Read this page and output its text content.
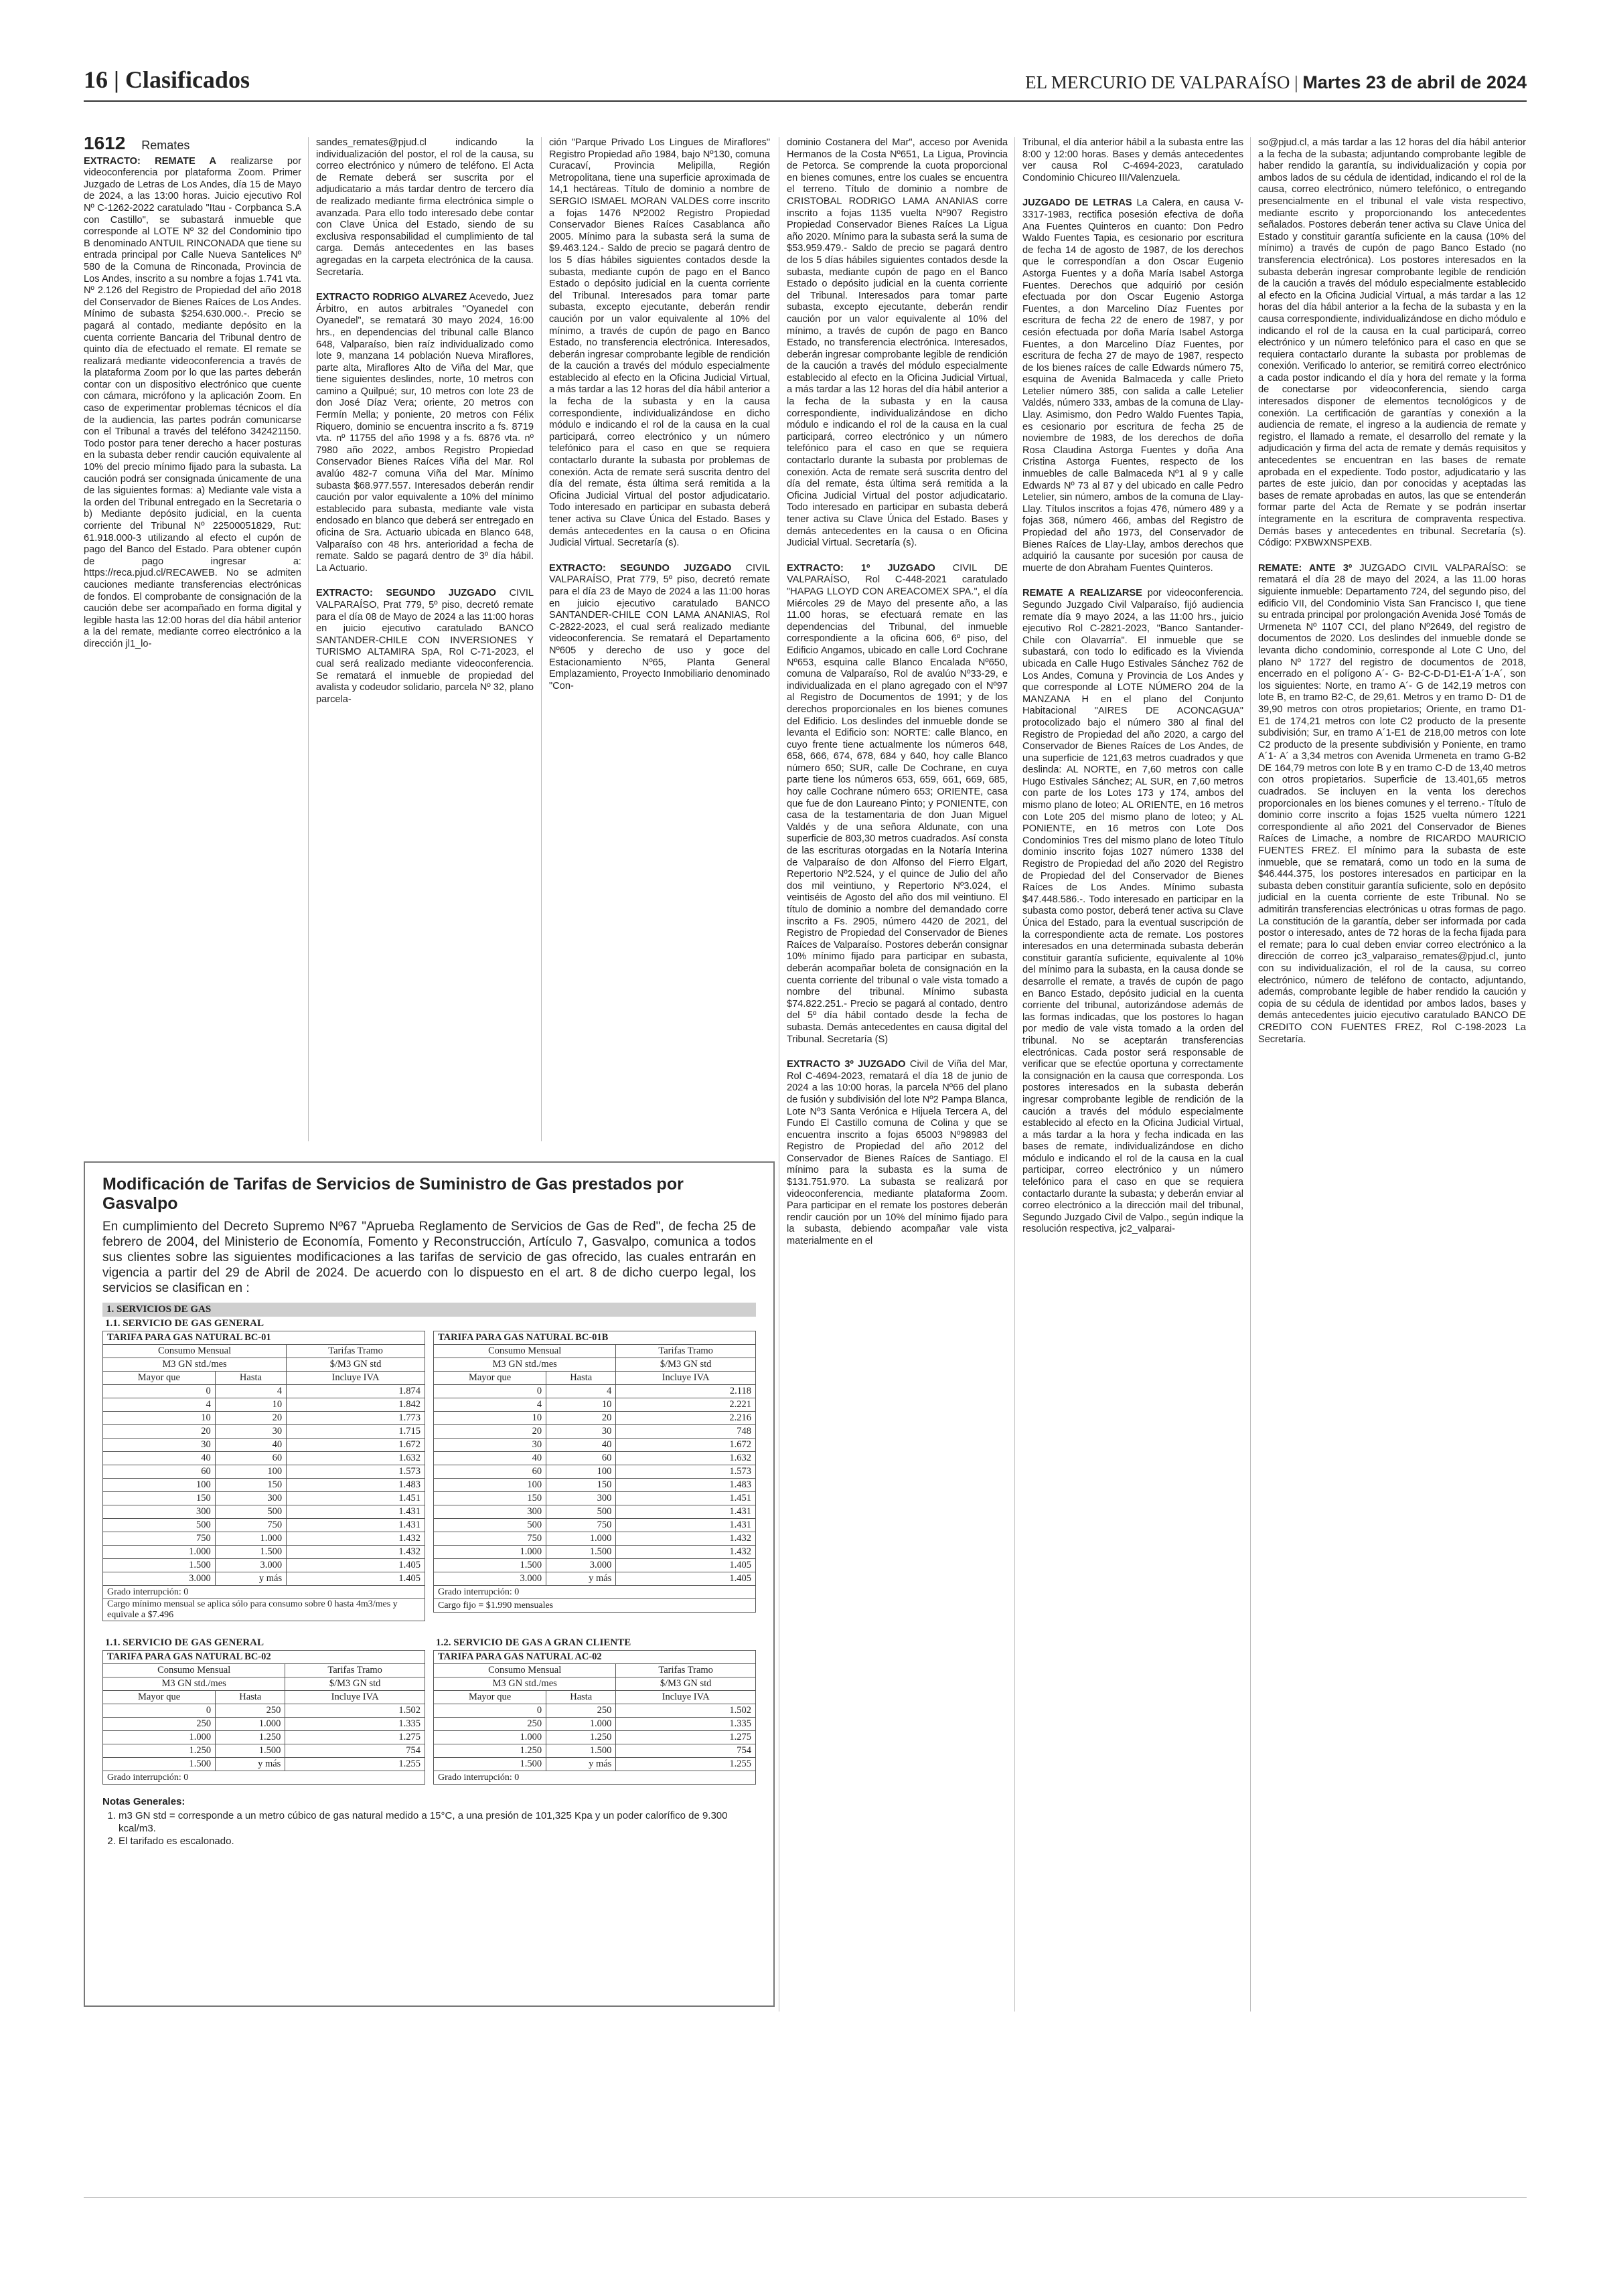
16 | Clasificados	EL MERCURIO DE VALPARAÍSO | Martes 23 de abril de 2024
1612 Remates

EXTRACTO: REMATE A realizarse por videoconferencia por plataforma Zoom. Primer Juzgado de Letras de Los Andes, día 15 de Mayo de 2024, a las 13:00 horas. Juicio ejecutivo Rol Nº C-1262-2022 caratulado "Itau - Corpbanca S.A con Castillo", se subastará inmueble que corresponde al LOTE Nº 32 del Condominio tipo B denominado ANTUIL RINCONADA que tiene su entrada principal por Calle Nueva Santelices Nº 580 de la Comuna de Rinconada, Provincia de Los Andes, inscrito a su nombre a fojas 1.741 vta. Nº 2.126 del Registro de Propiedad del año 2018 del Conservador de Bienes Raíces de Los Andes. Mínimo de subasta $254.630.000.-. Precio se pagará al contado, mediante depósito en la cuenta corriente Bancaria del Tribunal dentro de quinto día de efectuado el remate. El remate se realizará mediante videoconferencia a través de la plataforma Zoom por lo que las partes deberán contar con un dispositivo electrónico que cuente con cámara, micrófono y la aplicación Zoom. En caso de experimentar problemas técnicos el día de la audiencia, las partes podrán comunicarse con el Tribunal a través del teléfono 342421150. Todo postor para tener derecho a hacer posturas en la subasta deber rendir caución equivalente al 10% del precio mínimo fijado para la subasta. La caución podrá ser consignada únicamente de una de las siguientes formas: a) Mediante vale vista a la orden del Tribunal entregado en la Secretaria o b) Mediante depósito judicial, en la cuenta corriente del Tribunal Nº 22500051829, Rut: 61.918.000-3 utilizando al efecto el cupón de pago del Banco del Estado. Para obtener cupón de pago ingresar a: https://reca.pjud.cl/RECAWEB. No se admiten cauciones mediante transferencias electrónicas de fondos. El comprobante de consignación de la caución debe ser acompañado en forma digital y legible hasta las 12:00 horas del día hábil anterior a la del remate, mediante correo electrónico a la dirección jl1_lo-

sandes_remates@pjud.cl indicando la individualización del postor, el rol de la causa, su correo electrónico y número de teléfono. El Acta de Remate deberá ser suscrita por el adjudicatario a más tardar dentro de tercero día de realizado mediante firma electrónica simple o avanzada. Para ello todo interesado debe contar con Clave Única del Estado, siendo de su exclusiva responsabilidad el cumplimiento de tal carga. Demás antecedentes en las bases agregadas en la carpeta electrónica de la causa. Secretaría.

EXTRACTO RODRIGO ALVAREZ Acevedo, Juez Árbitro, en autos arbitrales "Oyanedel con Oyanedel", se rematará 30 mayo 2024, 16:00 hrs., en dependencias del tribunal calle Blanco 648, Valparaíso, bien raíz individualizado como lote 9, manzana 14 población Nueva Miraflores, parte alta, Miraflores Alto de Viña del Mar, que tiene siguientes deslindes, norte, 10 metros con camino a Quilpué; sur, 10 metros con lote 23 de don José Díaz Vera; oriente, 20 metros con Fermín Mella; y poniente, 20 metros con Félix Riquero, dominio se encuentra inscrito a fs. 8719 vta. nº 11755 del año 1998 y a fs. 6876 vta. nº 7980 año 2022, ambos Registro Propiedad Conservador Bienes Raíces Viña del Mar. Rol avalúo 482-7 comuna Viña del Mar. Mínimo subasta $68.977.557. Interesados deberán rendir caución por valor equivalente a 10% del mínimo establecido para subasta, mediante vale vista endosado en blanco que deberá ser entregado en oficina de Sra. Actuario ubicada en Blanco 648, Valparaíso con 48 hrs. anterioridad a fecha de remate. Saldo se pagará dentro de 3º día hábil. La Actuario.

EXTRACTO: SEGUNDO JUZGADO CIVIL VALPARAÍSO, Prat 779, 5º piso, decretó remate para el día 08 de Mayo de 2024 a las 11:00 horas en juicio ejecutivo caratulado BANCO SANTANDER-CHILE CON INVERSIONES Y TURISMO ALTAMIRA SpA, Rol C-71-2023, el cual será realizado mediante videoconferencia. Se rematará el inmueble de propiedad del avalista y codeudor solidario, parcela Nº 32, plano parcela-

ción "Parque Privado Los Lingues de Miraflores" Registro Propiedad año 1984, bajo Nº130, comuna Curacaví, Provincia Melipilla, Región Metropolitana, tiene una superficie aproximada de 14,1 hectáreas. Título de dominio a nombre de SERGIO ISMAEL MORAN VALDES corre inscrito a fojas 1476 Nº2002 Registro Propiedad Conservador Bienes Raíces Casablanca año 2005. Mínimo para la subasta será la suma de $9.463.124.- Saldo de precio se pagará dentro de los 5 días hábiles siguientes contados desde la subasta, mediante cupón de pago en el Banco Estado o depósito judicial en la cuenta corriente del Tribunal. Interesados para tomar parte subasta, excepto ejecutante, deberán rendir caución por un valor equivalente al 10% del mínimo, a través de cupón de pago en Banco Estado, no transferencia electrónica. Interesados, deberán ingresar comprobante legible de rendición de la caución a través del módulo especialmente establecido al efecto en la Oficina Judicial Virtual, a más tardar a las 12 horas del día hábil anterior a la fecha de la subasta y en la causa correspondiente, individualizándose en dicho módulo e indicando el rol de la causa en la cual participará, correo electrónico y un número telefónico para el caso en que se requiera contactarlo durante la subasta por problemas de conexión. Acta de remate será suscrita dentro del día del remate, ésta última será remitida a la Oficina Judicial Virtual del postor adjudicatario. Todo interesado en participar en subasta deberá tener activa su Clave Única del Estado. Bases y demás antecedentes en la causa o en Oficina Judicial Virtual. Secretaría (s).

EXTRACTO: SEGUNDO JUZGADO CIVIL VALPARAÍSO, Prat 779, 5º piso, decretó remate para el día 23 de Mayo de 2024 a las 11:00 horas en juicio ejecutivo caratulado BANCO SANTANDER-CHILE CON LAMA ANANIAS, Rol C-2822-2023, el cual será realizado mediante videoconferencia. Se rematará el Departamento Nº605 y derecho de uso y goce del Estacionamiento Nº65, Planta General Emplazamiento, Proyecto Inmobiliario denominado "Con-

dominio Costanera del Mar", acceso por Avenida Hermanos de la Costa Nº651, La Ligua, Provincia de Petorca. Se comprende la cuota proporcional en bienes comunes, entre los cuales se encuentra el terreno. Título de dominio a nombre de CRISTOBAL RODRIGO LAMA ANANIAS corre inscrito a fojas 1135 vuelta Nº907 Registro Propiedad Conservador Bienes Raíces La Ligua año 2020. Mínimo para la subasta será la suma de $53.959.479.- Saldo de precio se pagará dentro de los 5 días hábiles siguientes contados desde la subasta, mediante cupón de pago en el Banco Estado o depósito judicial en la cuenta corriente del Tribunal. Interesados para tomar parte subasta, excepto ejecutante, deberán rendir caución por un valor equivalente al 10% del mínimo, a través de cupón de pago en Banco Estado, no transferencia electrónica. Interesados, deberán ingresar comprobante legible de rendición de la caución a través del módulo especialmente establecido al efecto en la Oficina Judicial Virtual, a más tardar a las 12 horas del día hábil anterior a la fecha de la subasta y en la causa correspondiente, individualizándose en dicho módulo e indicando el rol de la causa en la cual participará, correo electrónico y un número telefónico para el caso en que se requiera contactarlo durante la subasta por problemas de conexión. Acta de remate será suscrita dentro del día del remate, ésta última será remitida a la Oficina Judicial Virtual del postor adjudicatario. Todo interesado en participar en subasta deberá tener activa su Clave Única del Estado. Bases y demás antecedentes en la causa o en Oficina Judicial Virtual. Secretaría (s).

EXTRACTO: 1º JUZGADO CIVIL DE VALPARAÍSO, Rol C-448-2021 caratulado "HAPAG LLOYD CON AREACOMEX SPA.", el día Miércoles 29 de Mayo del presente año, a las 11.00 horas, se efectuará remate en las dependencias del Tribunal, del inmueble correspondiente a la oficina 606, 6º piso, del Edificio Angamos, ubicado en calle Lord Cochrane Nº653, esquina calle Blanco Encalada Nº650, comuna de Valparaíso, Rol de avalúo Nº33-29, e individualizada en el plano agregado con el Nº97 al Registro de Documentos de 1991; y de los derechos proporcionales en los bienes comunes del Edificio. Los deslindes del inmueble donde se levanta el Edificio son: NORTE: calle Blanco, en cuyo frente tiene actualmente los números 648, 658, 666, 674, 678, 684 y 640, hoy calle Blanco número 650; SUR, calle De Cochrane, en cuya parte tiene los números 653, 659, 661, 669, 685, hoy calle Cochrane número 653; ORIENTE, casa que fue de don Laureano Pinto; y PONIENTE, con casa de la testamentaria de don Juan Miguel Valdés y de una señora Aldunate, con una superficie de 803,30 metros cuadrados. Así consta de las escrituras otorgadas en la Notaría Interina de Valparaíso de don Alfonso del Fierro Elgart, Repertorio Nº2.524, y el quince de Julio del año dos mil veintiuno, y Repertorio Nº3.024, el veintiséis de Agosto del año dos mil veintiuno. El título de dominio a nombre del demandado corre inscrito a Fs. 2905, número 4420 de 2021, del Registro de Propiedad del Conservador de Bienes Raíces de Valparaíso. Postores deberán consignar 10% mínimo fijado para participar en subasta, deberán acompañar boleta de consignación en la cuenta corriente del tribunal o vale vista tomado a nombre del tribunal. Mínimo subasta $74.822.251.- Precio se pagará al contado, dentro del 5º día hábil contado desde la fecha de subasta. Demás antecedentes en causa digital del Tribunal. Secretaría (S)

EXTRACTO 3º JUZGADO Civil de Viña del Mar, Rol C-4694-2023, rematará el día 18 de junio de 2024 a las 10:00 horas, la parcela Nº66 del plano de fusión y subdivisión del lote Nº2 Pampa Blanca, Lote Nº3 Santa Verónica e Hijuela Tercera A, del Fundo El Castillo comuna de Colina y que se encuentra inscrito a fojas 65003 Nº98983 del Registro de Propiedad del año 2012 del Conservador de Bienes Raíces de Santiago. El mínimo para la subasta es la suma de $131.751.970. La subasta se realizará por videoconferencia, mediante plataforma Zoom. Para participar en el remate los postores deberán rendir caución por un 10% del mínimo fijado para la subasta, debiendo acompañar vale vista materialmente en el

Tribunal, el día anterior hábil a la subasta entre las 8:00 y 12:00 horas. Bases y demás antecedentes ver causa Rol C-4694-2023, caratulado Condominio Chicureo III/Valenzuela.

JUZGADO DE LETRAS La Calera, en causa V-3317-1983, rectifica posesión efectiva de doña Ana Fuentes Quinteros en cuanto: Don Pedro Waldo Fuentes Tapia, es cesionario por escritura de fecha 14 de agosto de 1987, de los derechos que le correspondían a don Oscar Eugenio Astorga Fuentes y a doña María Isabel Astorga Fuentes. Derechos que adquirió por cesión efectuada por don Oscar Eugenio Astorga Fuentes, a don Marcelino Díaz Fuentes por escritura de fecha 22 de enero de 1987, y por cesión efectuada por doña María Isabel Astorga Fuentes, a don Marcelino Díaz Fuentes, por escritura de fecha 27 de mayo de 1987, respecto de los bienes raíces de calle Edwards número 75, esquina de Avenida Balmaceda y calle Prieto Letelier número 385, con salida a calle Letelier Valdés, número 333, ambas de la comuna de Llay-Llay. Asimismo, don Pedro Waldo Fuentes Tapia, es cesionario por escritura de fecha 25 de noviembre de 1983, de los derechos de doña Rosa Claudina Astorga Fuentes y doña Ana Cristina Astorga Fuentes, respecto de los inmuebles de calle Balmaceda Nº1 al 9 y calle Edwards Nº 73 al 87 y del ubicado en calle Pedro Letelier, sin número, ambos de la comuna de Llay-Llay. Títulos inscritos a fojas 476, número 489 y a fojas 368, número 466, ambas del Registro de Propiedad del año 1973, del Conservador de Bienes Raíces de Llay-Llay, ambos derechos que adquirió la causante por sucesión por causa de muerte de don Abraham Fuentes Quinteros.

REMATE A REALIZARSE por videoconferencia. Segundo Juzgado Civil Valparaíso, fijó audiencia remate día 9 mayo 2024, a las 11:00 hrs., juicio ejecutivo Rol C-2821-2023, "Banco Santander-Chile con Olavarría". El inmueble que se subastará, con todo lo edificado es la Vivienda ubicada en Calle Hugo Estivales Sánchez 762 de Los Andes, Comuna y Provincia de Los Andes y que corresponde al LOTE NÚMERO 204 de la MANZANA H en el plano del Conjunto Habitacional "AIRES DE ACONCAGUA" protocolizado bajo el número 380 al final del Registro de Propiedad del año 2020, a cargo del Conservador de Bienes Raíces de Los Andes, de una superficie de 121,63 metros cuadrados y que deslinda: AL NORTE, en 7,60 metros con calle Hugo Estivales Sánchez; AL SUR, en 7,60 metros con parte de los Lotes 173 y 174, ambos del mismo plano de loteo; AL ORIENTE, en 16 metros con Lote 205 del mismo plano de loteo; y AL PONIENTE, en 16 metros con Lote Dos Condominios Tres del mismo plano de loteo Título dominio inscrito fojas 1027 número 1338 del Registro de Propiedad del año 2020 del Registro de Propiedad del del Conservador de Bienes Raíces de Los Andes. Mínimo subasta $47.448.586.-. Todo interesado en participar en la subasta como postor, deberá tener activa su Clave Única del Estado, para la eventual suscripción de la correspondiente acta de remate. Los postores interesados en una determinada subasta deberán constituir garantía suficiente, equivalente al 10% del mínimo para la subasta, en la causa donde se desarrolle el remate, a través de cupón de pago en Banco Estado, depósito judicial en la cuenta corriente del tribunal, autorizándose además de las formas indicadas, que los postores lo hagan por medio de vale vista tomado a la orden del tribunal. No se aceptarán transferencias electrónicas. Cada postor será responsable de verificar que se efectúe oportuna y correctamente la consignación en la causa que corresponda. Los postores interesados en la subasta deberán ingresar comprobante legible de rendición de la caución a través del módulo especialmente establecido al efecto en la Oficina Judicial Virtual, a más tardar a la hora y fecha indicada en las bases de remate, individualizándose en dicho módulo e indicando el rol de la causa en la cual participar, correo electrónico y un número telefónico para el caso en que se requiera contactarlo durante la subasta; y deberán enviar al correo electrónico a la dirección mail del tribunal, Segundo Juzgado Civil de Valpo., según indique la resolución respectiva, jc2_valparai-

so@pjud.cl, a más tardar a las 12 horas del día hábil anterior a la fecha de la subasta; adjuntando comprobante legible de haber rendido la garantía, su individualización y copia por ambos lados de su cédula de identidad, indicando el rol de la causa, correo electrónico, número telefónico, o entregando presencialmente en el tribunal el vale vista respectivo, mediante escrito y proporcionando los antecedentes señalados. Postores deberán tener activa su Clave Única del Estado y constituir garantía suficiente en la causa (10% del mínimo) a través de cupón de pago Banco Estado (no transferencia electrónica). Los postores interesados en la subasta deberán ingresar comprobante legible de rendición de la caución a través del módulo especialmente establecido al efecto en la Oficina Judicial Virtual, a más tardar a las 12 horas del día hábil anterior a la fecha de la subasta y en la causa correspondiente, individualizándose en dicho módulo e indicando el rol de la causa en la cual participará, correo electrónico y un número telefónico para el caso en que se requiera contactarlo durante la subasta por problemas de conexión. Verificado lo anterior, se remitirá correo electrónico a cada postor indicando el día y hora del remate y la forma de conectarse por videoconferencia, siendo carga interesados disponer de elementos tecnológicos y de conexión. La certificación de garantías y conexión a la audiencia de remate, el ingreso a la audiencia de remate y registro, el llamado a remate, el desarrollo del remate y la adjudicación y firma del acta de remate y demás requisitos y antecedentes se encuentran en las bases de remate aprobada en el expediente. Todo postor, adjudicatario y las partes de este juicio, dan por conocidas y aceptadas las bases de remate aprobadas en autos, las que se entenderán formar parte del Acta de Remate y se podrán insertar íntegramente en la escritura de compraventa respectiva. Demás bases y antecedentes en tribunal. Secretaría (s). Código: PXBWXNSPEXB.

REMATE: ANTE 3º JUZGADO CIVIL VALPARAÍSO: se rematará el día 28 de mayo del 2024, a las 11.00 horas siguiente inmueble: Departamento 724, del segundo piso, del edificio VII, del Condominio Vista San Francisco I, que tiene su entrada principal por prolongación Avenida José Tomás de Urmeneta Nº 1107 CCI, del plano Nº2649, del registro de documentos de 2020. Los deslindes del inmueble donde se levanta dicho condominio, corresponde al Lote C Uno, del plano Nº 1727 del registro de documentos de 2018, encerrado en el polígono A´- G- B2-C-D-D1-E1-A´1-A´, son los siguientes: Norte, en tramo A´- G de 142,19 metros con lote B, en tramo B2-C, de 29,61. Metros y en tramo D- D1 de 39,90 metros con otros propietarios; Oriente, en tramo D1- E1 de 174,21 metros con lote C2 producto de la presente subdivisión; Sur, en tramo A´1-E1 de 218,00 metros con lote C2 producto de la presente subdivisión y Poniente, en tramo A´1- A´ a 3,34 metros con Avenida Urmeneta en tramo G-B2 DE 164,79 metros con lote B y en tramo C-D de 13,40 metros con otros propietarios. Superficie de 13.401,65 metros cuadrados. Se incluyen en la venta los derechos proporcionales en los bienes comunes y el terreno.- Título de dominio corre inscrito a fojas 1525 vuelta número 1221 correspondiente al año 2021 del Conservador de Bienes Raíces de Limache, a nombre de RICARDO MAURICIO FUENTES FREZ. El mínimo para la subasta de este inmueble, que se rematará, como un todo en la suma de $46.444.375, los postores interesados en participar en la subasta deben constituir garantía suficiente, solo en depósito judicial en la cuenta corriente de este Tribunal. No se admitirán transferencias electrónicas u otras formas de pago. La constitución de la garantía, deber ser informada por cada postor o interesado, antes de 72 horas de la fecha fijada para el remate; para lo cual deben enviar correo electrónico a la dirección de correo jc3_valparaiso_remates@pjud.cl, junto con su individualización, el rol de la causa, su correo electrónico, número de teléfono de contacto, adjuntando, además, comprobante legible de haber rendido la caución y copia de su cédula de identidad por ambos lados, bases y demás antecedentes juicio ejecutivo caratulado BANCO DE CREDITO CON FUENTES FREZ, Rol C-198-2023 La Secretaría.

Modificación de Tarifas de Servicios de Suministro de Gas prestados por Gasvalpo
En cumplimiento del Decreto Supremo Nº67 "Aprueba Reglamento de Servicios de Gas de Red", de fecha 25 de febrero de 2004, del Ministerio de Economía, Fomento y Reconstrucción, Artículo 7, Gasvalpo, comunica a todos sus clientes sobre las siguientes modificaciones a las tarifas de servicio de gas ofrecido, las cuales entrarán en vigencia a partir del 29 de Abril de 2024. De acuerdo con lo dispuesto en el art. 8 de dicho cuerpo legal, los servicios se clasifican en :
1. SERVICIOS DE GAS
1.1. SERVICIO DE GAS GENERAL
TARIFA PARA GAS NATURAL BC-01		
Consumo Mensual		Tarifas Tramo
M3 GN std./mes		$/M3 GN std
Mayor que	Hasta	Incluye IVA
0	4	1.874
4	10	1.842
10	20	1.773
20	30	1.715
30	40	1.672
40	60	1.632
60	100	1.573
100	150	1.483
150	300	1.451
300	500	1.431
500	750	1.431
750	1.000	1.432
1.000	1.500	1.432
1.500	3.000	1.405
3.000	y más	1.405
Grado interrupción: 0		
Cargo mínimo mensual se aplica sólo para consumo sobre 0 hasta 4m3/mes y equivale a $7.496		
TARIFA PARA GAS NATURAL BC-01B		
Consumo Mensual		Tarifas Tramo
M3 GN std./mes		$/M3 GN std
Mayor que	Hasta	Incluye IVA
0	4	2.118
4	10	2.221
10	20	2.216
20	30	748
30	40	1.672
40	60	1.632
60	100	1.573
100	150	1.483
150	300	1.451
300	500	1.431
500	750	1.431
750	1.000	1.432
1.000	1.500	1.432
1.500	3.000	1.405
3.000	y más	1.405
Grado interrupción: 0		
Cargo fijo = $1.990 mensuales		
1.1. SERVICIO DE GAS GENERAL
TARIFA PARA GAS NATURAL BC-02		
Consumo Mensual		Tarifas Tramo
M3 GN std./mes		$/M3 GN std
Mayor que	Hasta	Incluye IVA
0	250	1.502
250	1.000	1.335
1.000	1.250	1.275
1.250	1.500	754
1.500	y más	1.255
Grado interrupción: 0		
1.2. SERVICIO DE GAS A GRAN CLIENTE
TARIFA PARA GAS NATURAL AC-02		
Consumo Mensual		Tarifas Tramo
M3 GN std./mes		$/M3 GN std
Mayor que	Hasta	Incluye IVA
0	250	1.502
250	1.000	1.335
1.000	1.250	1.275
1.250	1.500	754
1.500	y más	1.255
Grado interrupción: 0		
Notas Generales:
1. m3 GN std = corresponde a un metro cúbico de gas natural medido a 15°C, a una presión de 101,325 Kpa y un poder calorífico de 9.300 kcal/m3.
2. El tarifado es escalonado.
